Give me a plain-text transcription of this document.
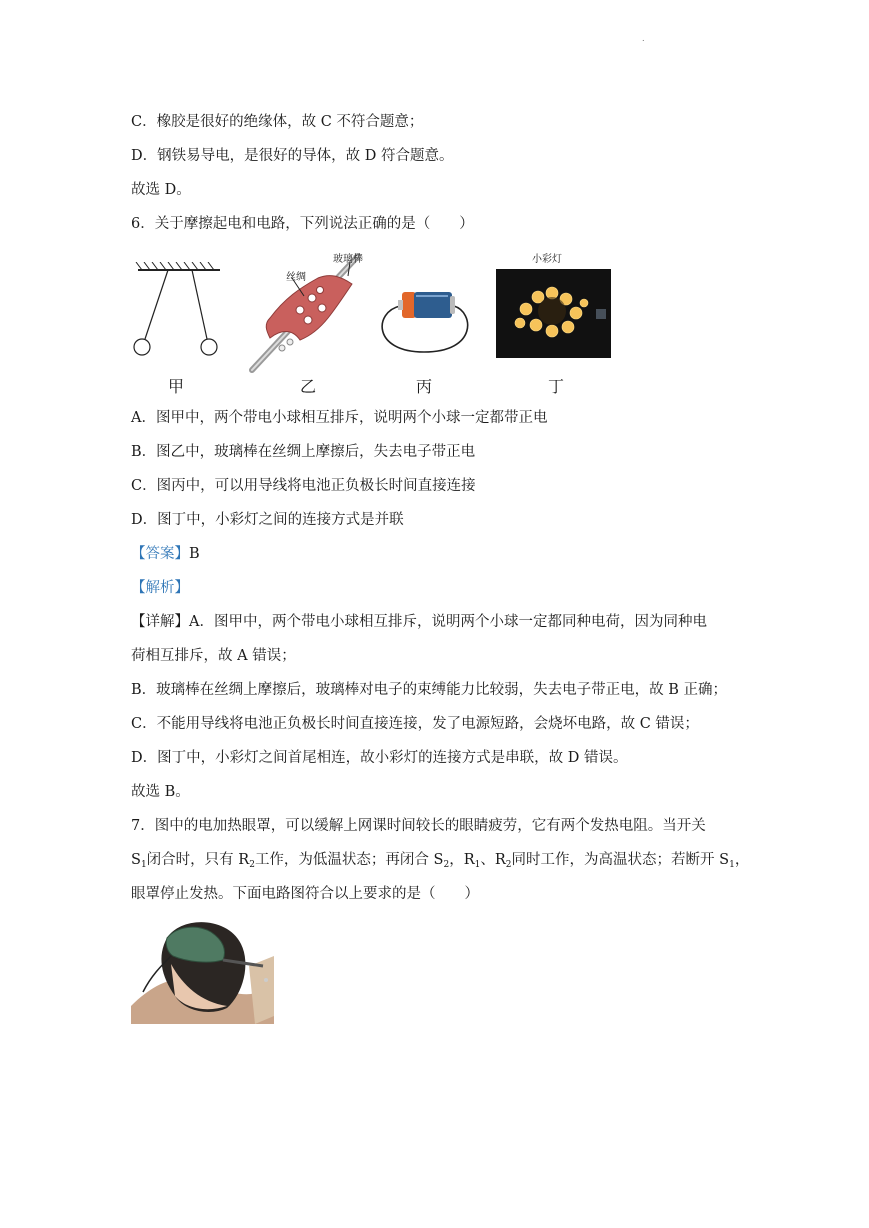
.
C．橡胶是很好的绝缘体，故 C 不符合题意；
D．钢铁易导电，是很好的导体，故 D 符合题意。
故选 D。
6．关于摩擦起电和电路，下列说法正确的是（　　）
丝绸
玻璃棒	小彩灯
甲	乙	丙	丁
A．图甲中，两个带电小球相互排斥，说明两个小球一定都带正电
B．图乙中，玻璃棒在丝绸上摩擦后，失去电子带正电
C．图丙中，可以用导线将电池正负极长时间直接连接
D．图丁中，小彩灯之间的连接方式是并联
【答案】B
【解析】
【详解】A．图甲中，两个带电小球相互排斥，说明两个小球一定都同种电荷，因为同种电
荷相互排斥，故 A 错误；
B．玻璃棒在丝绸上摩擦后，玻璃棒对电子的束缚能力比较弱，失去电子带正电，故 B 正确；
C．不能用导线将电池正负极长时间直接连接，发了电源短路，会烧坏电路，故 C 错误；
D．图丁中，小彩灯之间首尾相连，故小彩灯的连接方式是串联，故 D 错误。
故选 B。
7．图中的电加热眼罩，可以缓解上网课时间较长的眼睛疲劳，它有两个发热电阻。当开关
$S_1$闭合时，只有 $R_2$工作，为低温状态；再闭合 $S_2$，$R_1$、$R_2$同时工作，为高温状态；若断开 $S_1$，
眼罩停止发热。下面电路图符合以上要求的是（　　）
